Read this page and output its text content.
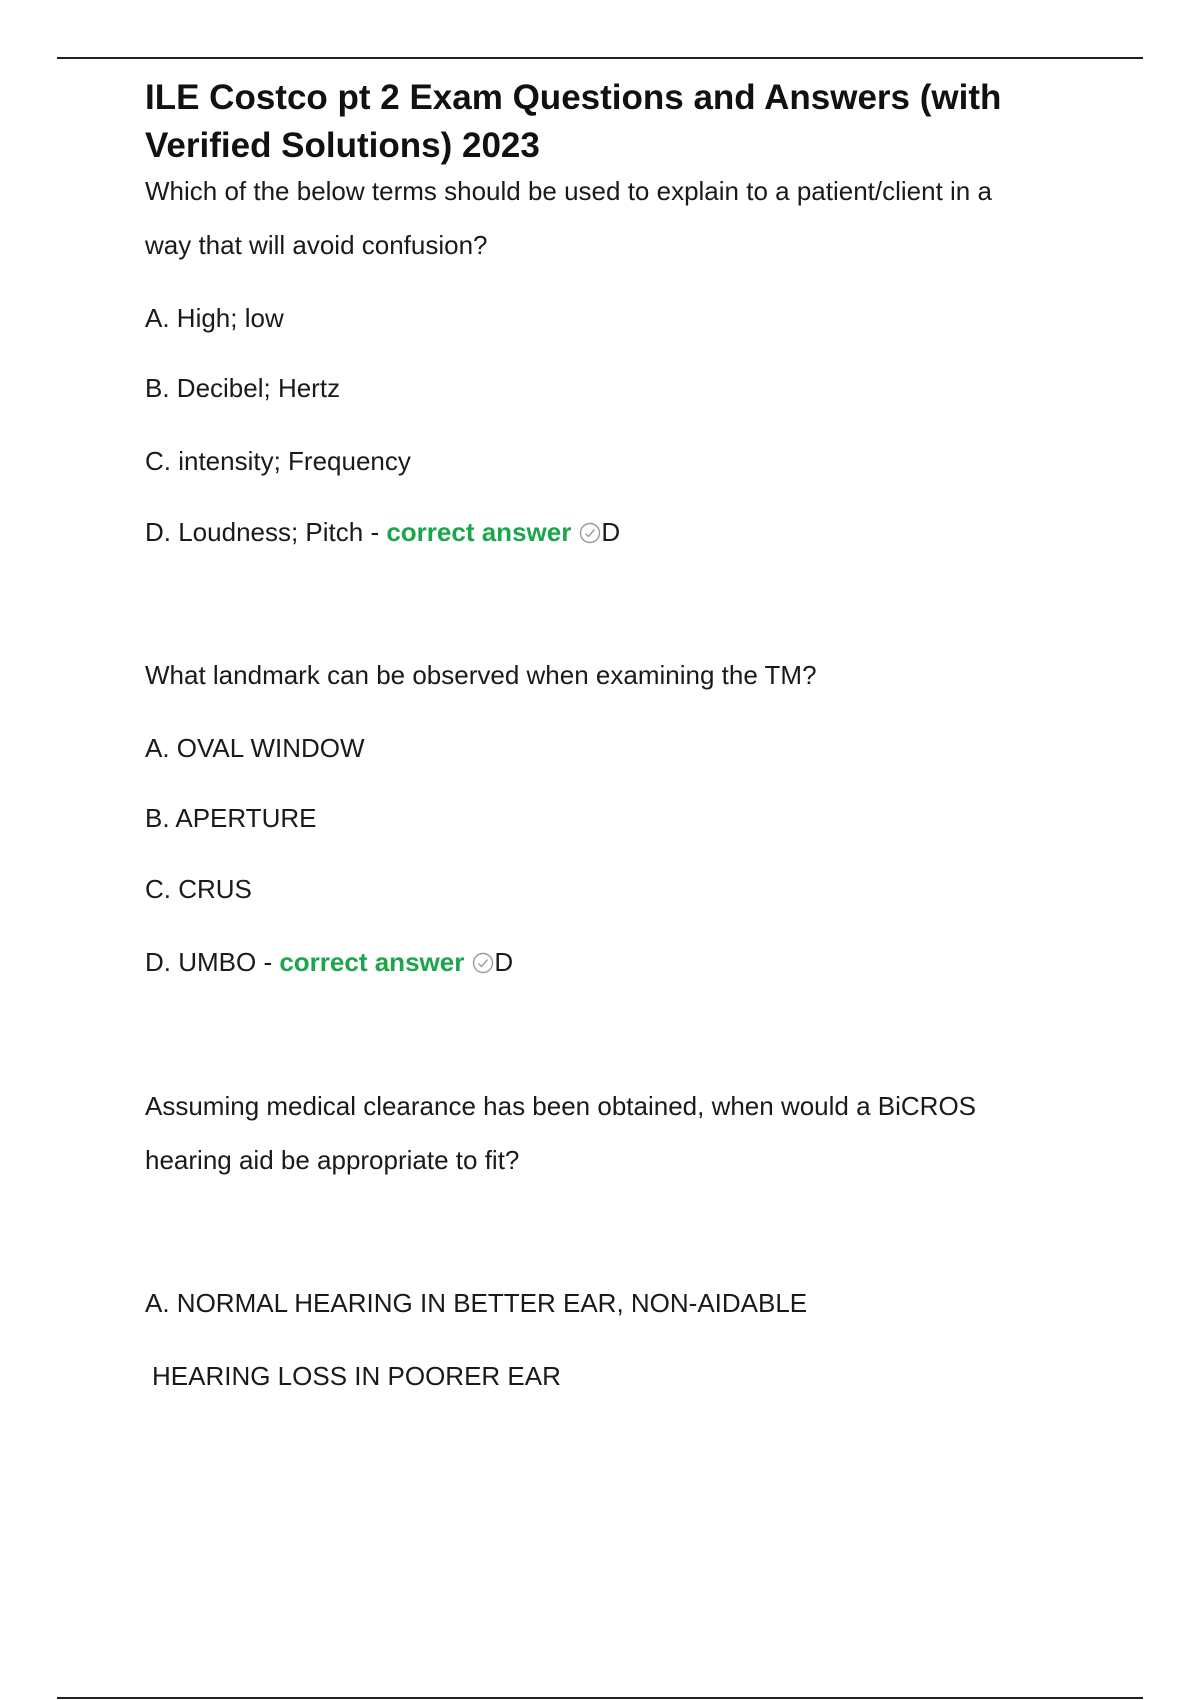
ILE Costco pt 2 Exam Questions and Answers (with Verified Solutions) 2023
Which of the below terms should be used to explain to a patient/client in a
way that will avoid confusion?
A. High; low
B. Decibel; Hertz
C. intensity; Frequency
D. Loudness; Pitch - correct answer D
What landmark can be observed when examining the TM?
A. OVAL WINDOW
B. APERTURE
C. CRUS
D. UMBO - correct answer D
Assuming medical clearance has been obtained, when would a BiCROS
hearing aid be appropriate to fit?
A. NORMAL HEARING IN BETTER EAR, NON-AIDABLE
HEARING LOSS IN POORER EAR
